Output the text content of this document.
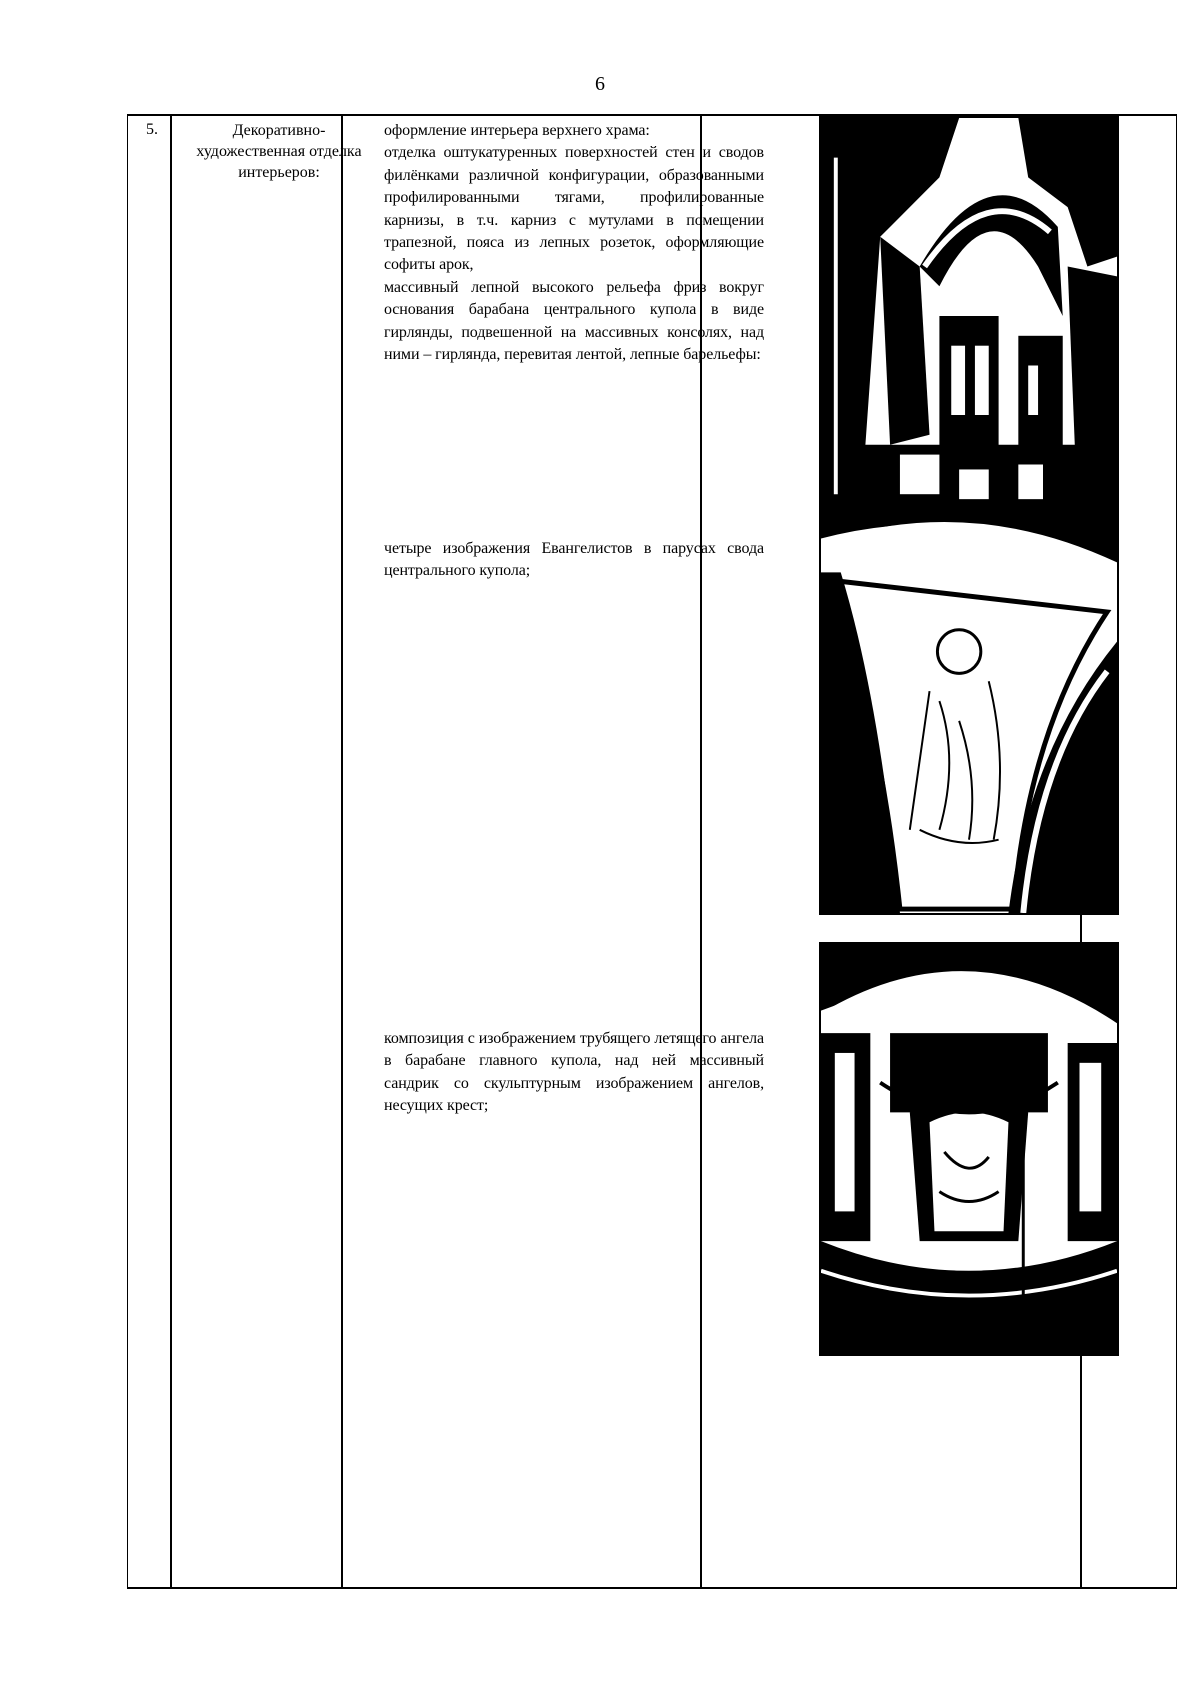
6
5.	Декоративно-художественная отделка интерьеров:

оформление интерьера верхнего храма:

отделка оштукатуренных поверхностей стен и сводов филёнками различной конфигурации, образованными профилированными тягами, профилированные карнизы, в т.ч. карниз с мутулами в помещении трапезной, пояса из лепных розеток, оформляющие софиты арок,

массивный лепной высокого рельефа фриз вокруг основания барабана центрального купола в виде гирлянды, подвешенной на массивных консолях, над ними – гирлянда, перевитая лентой, лепные барельефы:

четыре изображения Евангелистов в парусах свода центрального купола;

композиция с изображением трубящего летящего ангела в барабане главного купола, над ней массивный сандрик со скульптурным изображением ангелов, несущих крест;
